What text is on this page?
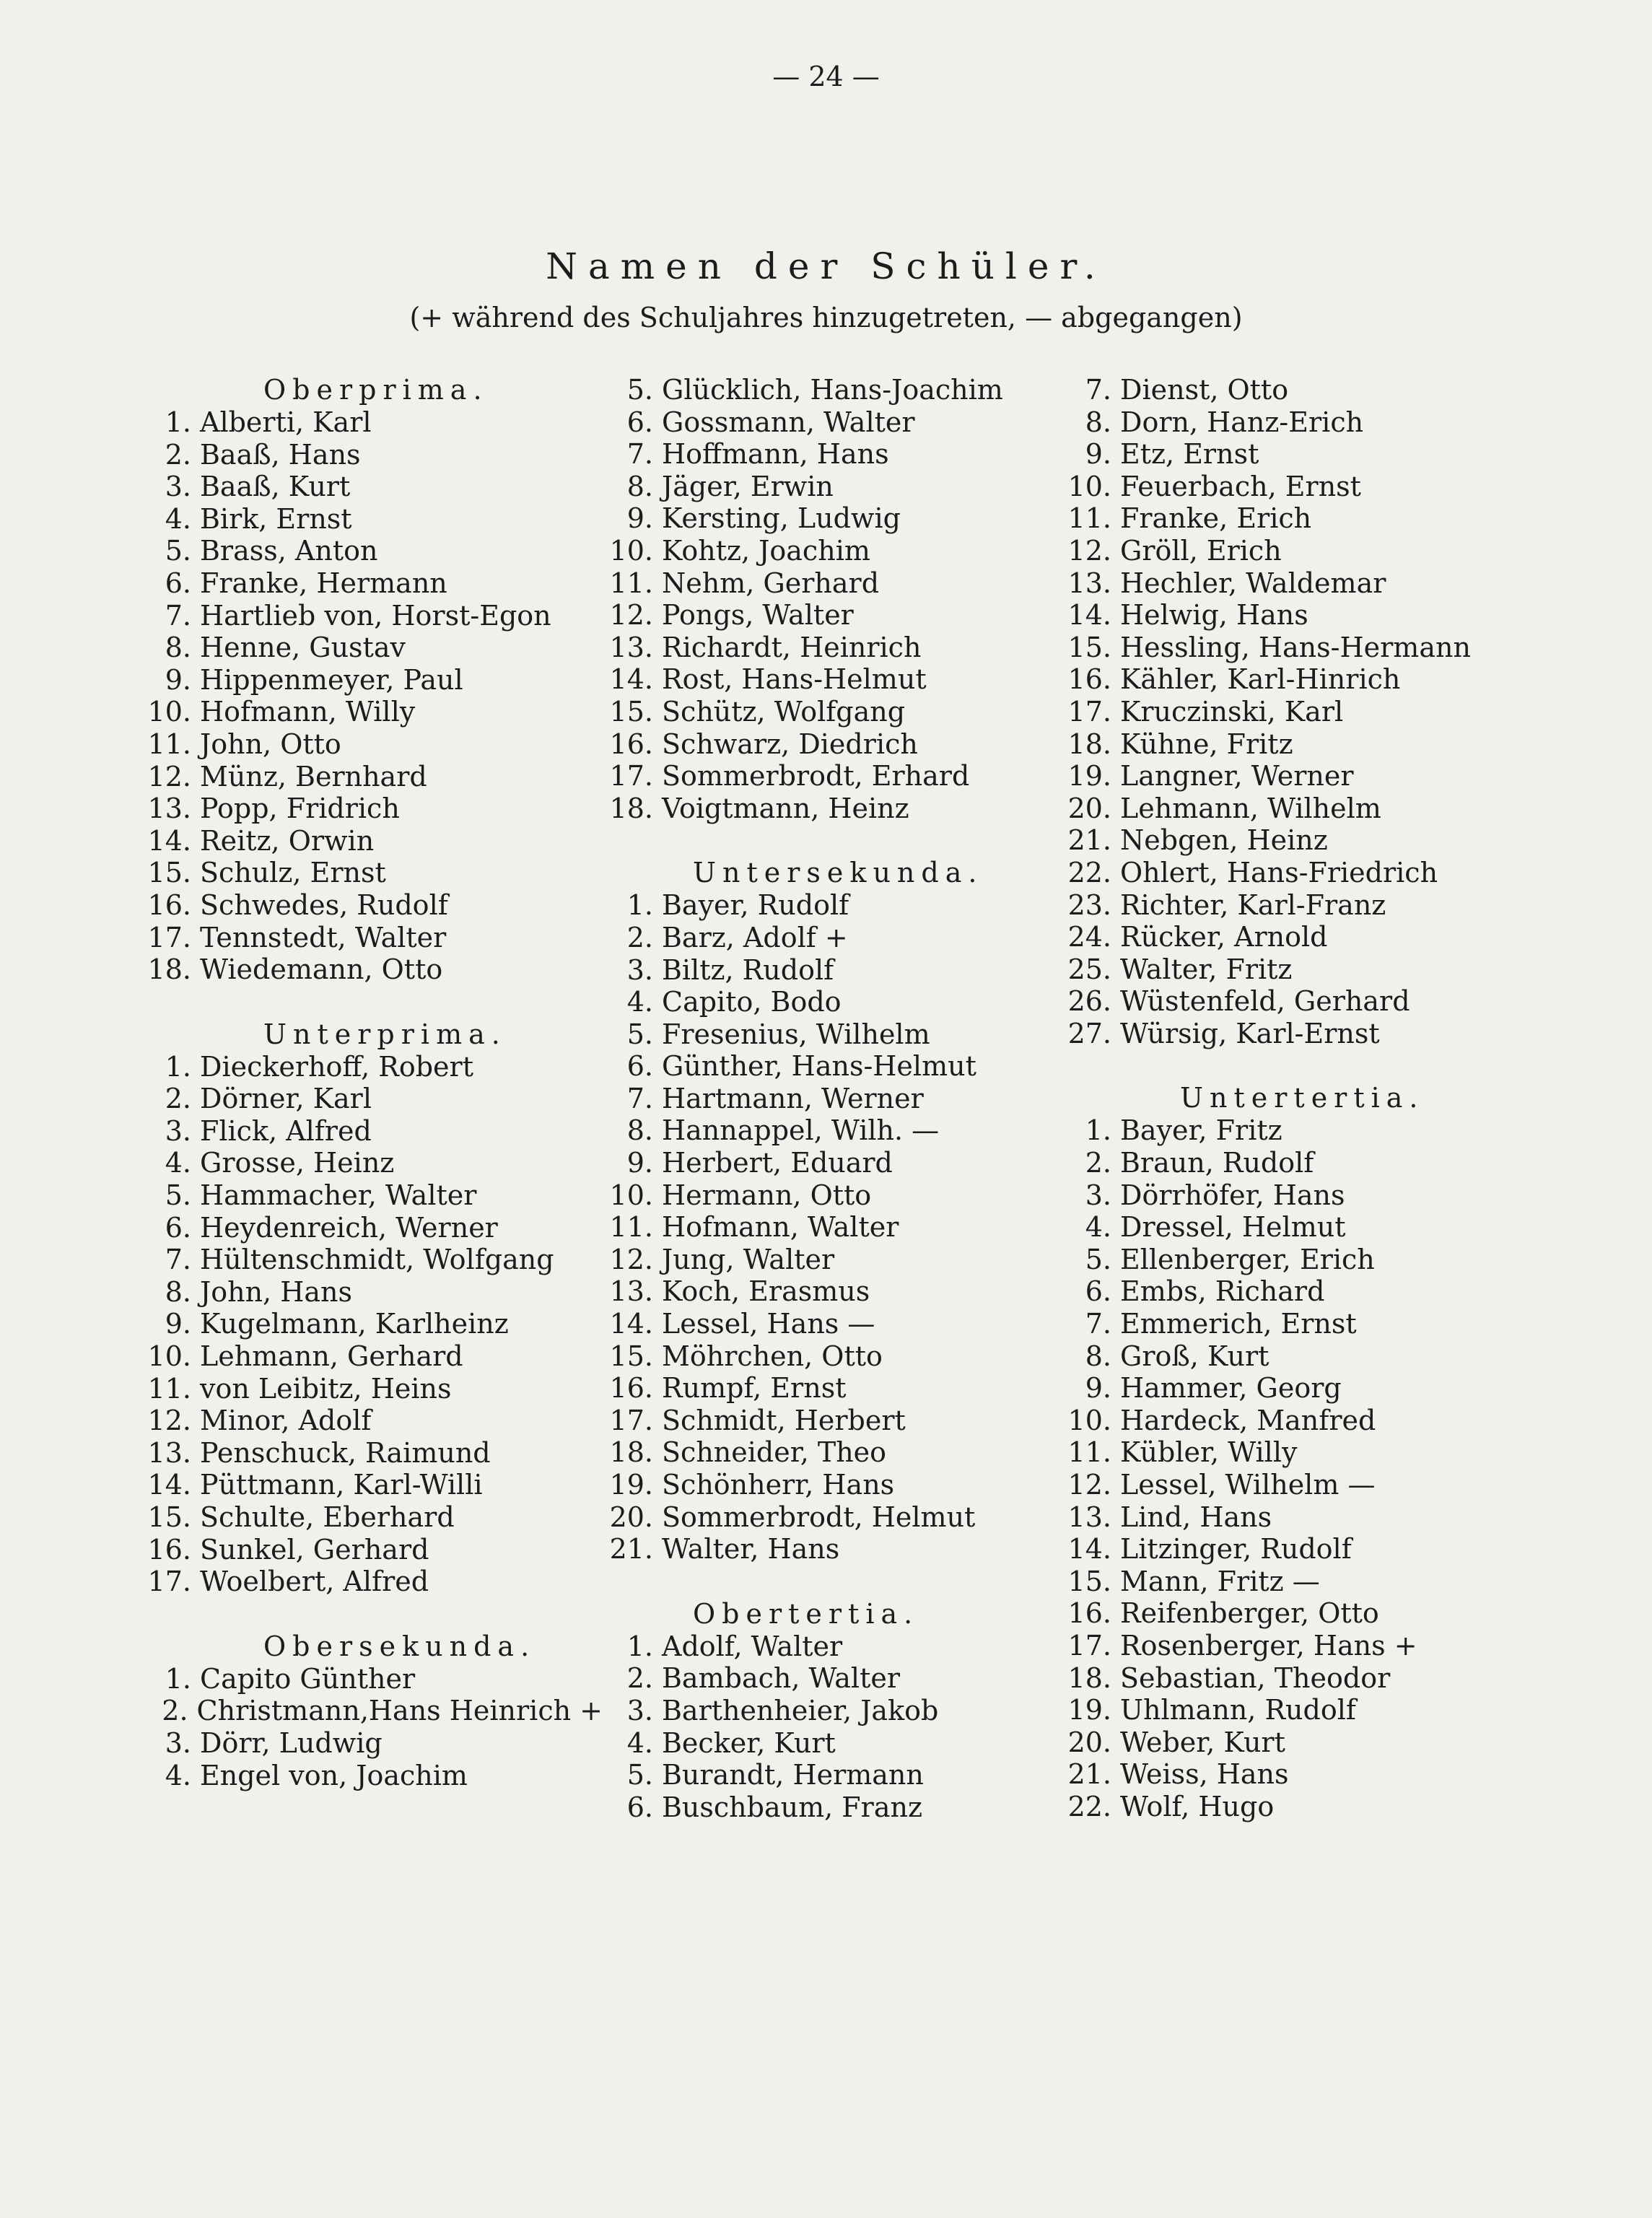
— 24 —
Namen der Schüler.
(+ während des Schuljahres hinzugetreten, — abgegangen)
Oberprima.
1. Alberti, Karl
2. Baaß, Hans
3. Baaß, Kurt
4. Birk, Ernst
5. Brass, Anton
6. Franke, Hermann
7. Hartlieb von, Horst-Egon
8. Henne, Gustav
9. Hippenmeyer, Paul
10. Hofmann, Willy
11. John, Otto
12. Münz, Bernhard
13. Popp, Fridrich
14. Reitz, Orwin
15. Schulz, Ernst
16. Schwedes, Rudolf
17. Tennstedt, Walter
18. Wiedemann, Otto
Unterprima.
1. Dieckerhoff, Robert
2. Dörner, Karl
3. Flick, Alfred
4. Grosse, Heinz
5. Hammacher, Walter
6. Heydenreich, Werner
7. Hültenschmidt, Wolfgang
8. John, Hans
9. Kugelmann, Karlheinz
10. Lehmann, Gerhard
11. von Leibitz, Heins
12. Minor, Adolf
13. Penschuck, Raimund
14. Püttmann, Karl-Willi
15. Schulte, Eberhard
16. Sunkel, Gerhard
17. Woelbert, Alfred
Obersekunda.
1. Capito Günther
2. Christmann,Hans Heinrich +
3. Dörr, Ludwig
4. Engel von, Joachim
5. Glücklich, Hans-Joachim
6. Gossmann, Walter
7. Hoffmann, Hans
8. Jäger, Erwin
9. Kersting, Ludwig
10. Kohtz, Joachim
11. Nehm, Gerhard
12. Pongs, Walter
13. Richardt, Heinrich
14. Rost, Hans-Helmut
15. Schütz, Wolfgang
16. Schwarz, Diedrich
17. Sommerbrodt, Erhard
18. Voigtmann, Heinz
Untersekunda.
1. Bayer, Rudolf
2. Barz, Adolf +
3. Biltz, Rudolf
4. Capito, Bodo
5. Fresenius, Wilhelm
6. Günther, Hans-Helmut
7. Hartmann, Werner
8. Hannappel, Wilh. —
9. Herbert, Eduard
10. Hermann, Otto
11. Hofmann, Walter
12. Jung, Walter
13. Koch, Erasmus
14. Lessel, Hans —
15. Möhrchen, Otto
16. Rumpf, Ernst
17. Schmidt, Herbert
18. Schneider, Theo
19. Schönherr, Hans
20. Sommerbrodt, Helmut
21. Walter, Hans
Obertertia.
1. Adolf, Walter
2. Bambach, Walter
3. Barthenheier, Jakob
4. Becker, Kurt
5. Burandt, Hermann
6. Buschbaum, Franz
7. Dienst, Otto
8. Dorn, Hanz-Erich
9. Etz, Ernst
10. Feuerbach, Ernst
11. Franke, Erich
12. Gröll, Erich
13. Hechler, Waldemar
14. Helwig, Hans
15. Hessling, Hans-Hermann
16. Kähler, Karl-Hinrich
17. Kruczinski, Karl
18. Kühne, Fritz
19. Langner, Werner
20. Lehmann, Wilhelm
21. Nebgen, Heinz
22. Ohlert, Hans-Friedrich
23. Richter, Karl-Franz
24. Rücker, Arnold
25. Walter, Fritz
26. Wüstenfeld, Gerhard
27. Würsig, Karl-Ernst
Untertertia.
1. Bayer, Fritz
2. Braun, Rudolf
3. Dörrhöfer, Hans
4. Dressel, Helmut
5. Ellenberger, Erich
6. Embs, Richard
7. Emmerich, Ernst
8. Groß, Kurt
9. Hammer, Georg
10. Hardeck, Manfred
11. Kübler, Willy
12. Lessel, Wilhelm —
13. Lind, Hans
14. Litzinger, Rudolf
15. Mann, Fritz —
16. Reifenberger, Otto
17. Rosenberger, Hans +
18. Sebastian, Theodor
19. Uhlmann, Rudolf
20. Weber, Kurt
21. Weiss, Hans
22. Wolf, Hugo
